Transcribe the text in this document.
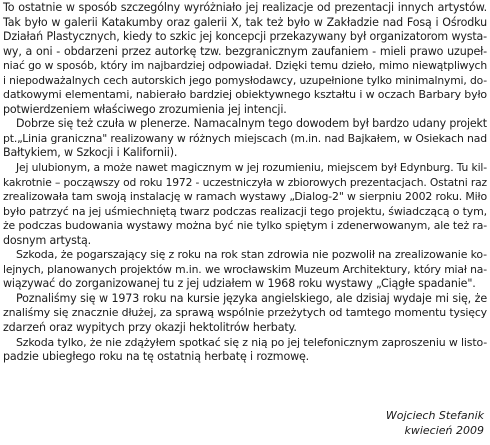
To ostatnie w sposób szczególny wyróżniało jej realizacje od prezentacji innych artystów.
Tak było w galerii Katakumby oraz galerii X, tak też było w Zakładzie nad Fosą i Ośrodku
Działań Plastycznych, kiedy to szkic jej koncepcji przekazywany był organizatorom wysta-
wy, a oni - obdarzeni przez autorkę tzw. bezgranicznym zaufaniem - mieli prawo uzupeł-
niać go w sposób, który im najbardziej odpowiadał. Dzięki temu dzieło, mimo niewątpliwych
i niepodważalnych cech autorskich jego pomysłodawcy, uzupełnione tylko minimalnymi, do-
datkowymi elementami, nabierało bardziej obiektywnego kształtu i w oczach Barbary było
potwierdzeniem właściwego zrozumienia jej intencji.
Dobrze się też czuła w plenerze. Namacalnym tego dowodem był bardzo udany projekt
pt.„Linia graniczna" realizowany w różnych miejscach (m.in. nad Bajkałem, w Osiekach nad
Bałtykiem, w Szkocji i Kalifornii).
Jej ulubionym, a może nawet magicznym w jej rozumieniu, miejscem był Edynburg. Tu kil-
kakrotnie – począwszy od roku 1972 - uczestniczyła w zbiorowych prezentacjach. Ostatni raz
zrealizowała tam swoją instalację w ramach wystawy „Dialog-2" w sierpniu 2002 roku. Miło
było patrzyć na jej uśmiechniętą twarz podczas realizacji tego projektu, świadczącą o tym,
że podczas budowania wystawy można być nie tylko spiętym i zdenerwowanym, ale też ra-
dosnym artystą.
Szkoda, że pogarszający się z roku na rok stan zdrowia nie pozwolił na zrealizowanie ko-
lejnych, planowanych projektów m.in. we wrocławskim Muzeum Architektury, który miał na-
wiązywać do zorganizowanej tu z jej udziałem w 1968 roku wystawy „Ciągłe spadanie".
Poznaliśmy się w 1973 roku na kursie języka angielskiego, ale dzisiaj wydaje mi się, że
znaliśmy się znacznie dłużej, za sprawą wspólnie przeżytych od tamtego momentu tysięcy
zdarzeń oraz wypitych przy okazji hektolitrów herbaty.
Szkoda tylko, że nie zdążyłem spotkać się z nią po jej telefonicznym zaproszeniu w listo-
padzie ubiegłego roku na tę ostatnią herbatę i rozmowę.
Wojciech Stefanik
kwiecień 2009
